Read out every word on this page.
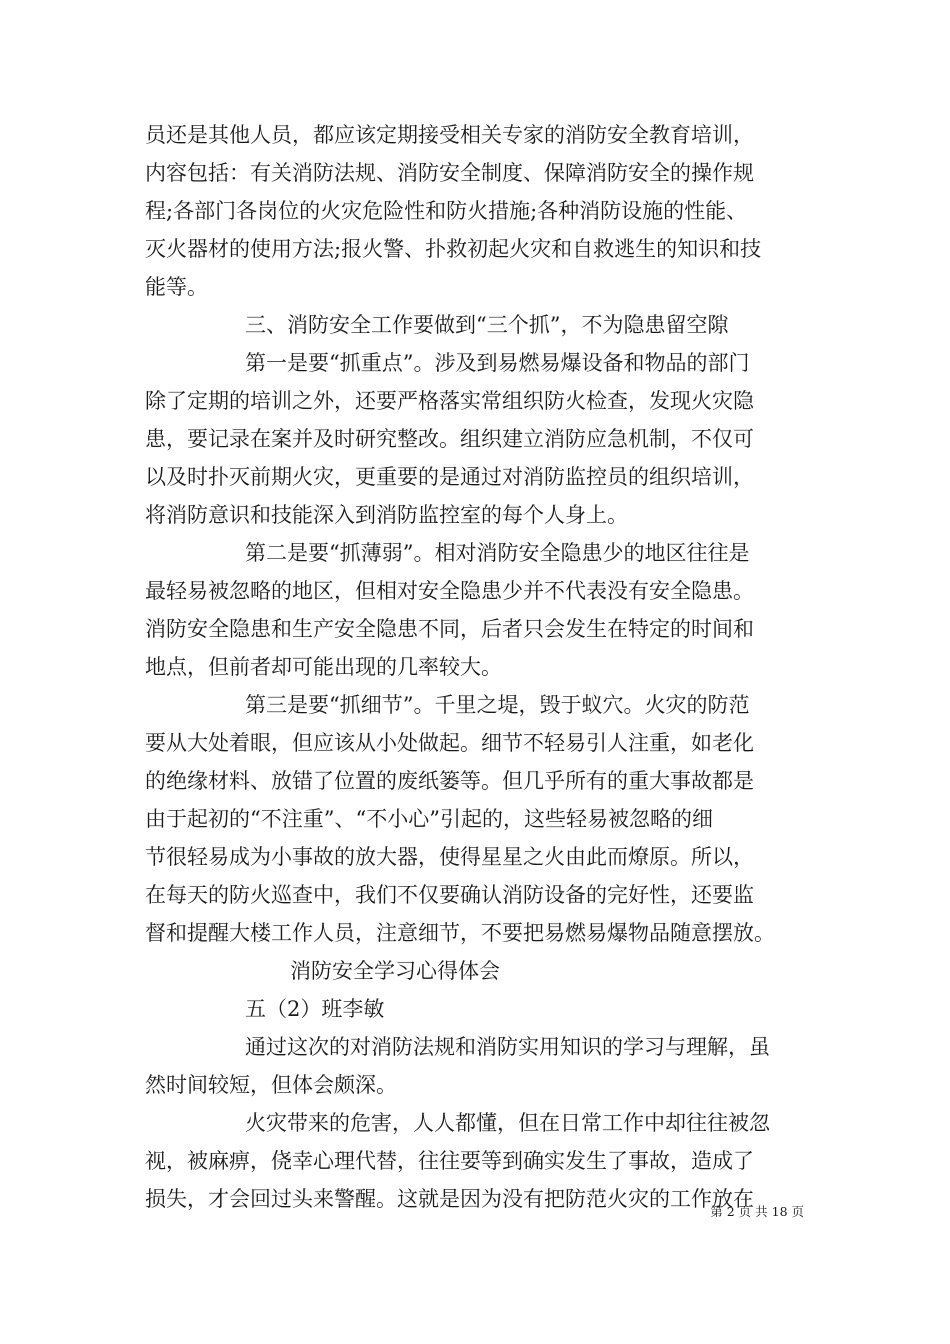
员还是其他人员，都应该定期接受相关专家的消防安全教育培训，
内容包括：有关消防法规、消防安全制度、保障消防安全的操作规
程;各部门各岗位的火灾危险性和防火措施;各种消防设施的性能、
灭火器材的使用方法;报火警、扑救初起火灾和自救逃生的知识和技
能等。
三、消防安全工作要做到“三个抓”，不为隐患留空隙
第一是要“抓重点”。涉及到易燃易爆设备和物品的部门
除了定期的培训之外，还要严格落实常组织防火检查，发现火灾隐
患，要记录在案并及时研究整改。组织建立消防应急机制，不仅可
以及时扑灭前期火灾，更重要的是通过对消防监控员的组织培训，
将消防意识和技能深入到消防监控室的每个人身上。
第二是要“抓薄弱”。相对消防安全隐患少的地区往往是
最轻易被忽略的地区，但相对安全隐患少并不代表没有安全隐患。
消防安全隐患和生产安全隐患不同，后者只会发生在特定的时间和
地点，但前者却可能出现的几率较大。
第三是要“抓细节”。千里之堤，毁于蚁穴。火灾的防范
要从大处着眼，但应该从小处做起。细节不轻易引人注重，如老化
的绝缘材料、放错了位置的废纸篓等。但几乎所有的重大事故都是
由于起初的“不注重”、“不小心”引起的，这些轻易被忽略的细
节很轻易成为小事故的放大器，使得星星之火由此而燎原。所以，
在每天的防火巡查中，我们不仅要确认消防设备的完好性，还要监
督和提醒大楼工作人员，注意细节，不要把易燃易爆物品随意摆放。
消防安全学习心得体会
五（2）班李敏
通过这次的对消防法规和消防实用知识的学习与理解，虽
然时间较短，但体会颇深。
火灾带来的危害，人人都懂，但在日常工作中却往往被忽
视，被麻痹，侥幸心理代替，往往要等到确实发生了事故，造成了
损失，才会回过头来警醒。这就是因为没有把防范火灾的工作放在
第 2 页 共 18 页
